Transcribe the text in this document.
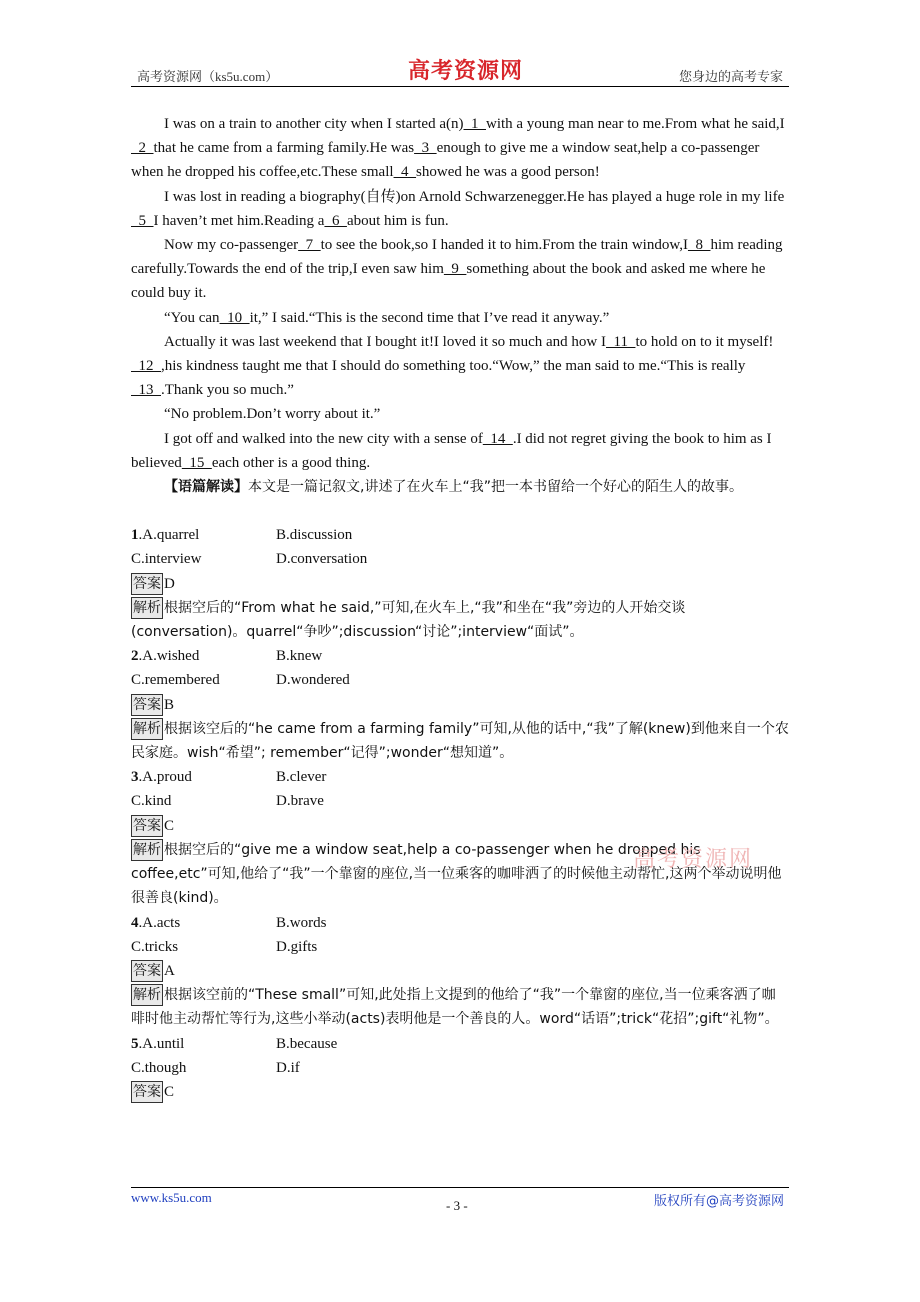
高考资源网（ks5u.com）	高考资源网	您身边的高考专家

I was on a train to another city when I started a(n)  1  with a young man near to me.From what he said,I  2  that he came from a farming family.He was  3  enough to give me a window seat,help a co-passenger when he dropped his coffee,etc.These small  4  showed he was a good person!

I was lost in reading a biography(自传)on Arnold Schwarzenegger.He has played a huge role in my life  5  I haven’t met him.Reading a  6  about him is fun.

Now my co-passenger  7  to see the book,so I handed it to him.From the train window,I  8  him reading carefully.Towards the end of the trip,I even saw him  9  something about the book and asked me where he could buy it.

“You can  10  it,” I said.“This is the second time that I’ve read it anyway.”

Actually it was last weekend that I bought it!I loved it so much and how I  11  to hold on to it myself!  12  ,his kindness taught me that I should do something too.“Wow,” the man said to me.“This is really  13  .Thank you so much.”

“No problem.Don’t worry about it.”

I got off and walked into the new city with a sense of  14  .I did not regret giving the book to him as I believed  15  each other is a good thing.

【语篇解读】本文是一篇记叙文,讲述了在火车上“我”把一本书留给一个好心的陌生人的故事。

1.A.quarrel	B.discussion
C.interview	D.conversation

答案 D

解析 根据空后的“From what he said,”可知,在火车上,“我”和坐在“我”旁边的人开始交谈(conversation)。quarrel“争吵”;discussion“讨论”;interview“面试”。

2.A.wished	B.knew
C.remembered	D.wondered

答案 B

解析 根据该空后的“he came from a farming family”可知,从他的话中,“我”了解(knew)到他来自一个农民家庭。wish“希望”; remember“记得”;wonder“想知道”。

3.A.proud	B.clever
C.kind	D.brave

答案 C

解析 根据空后的“give me a window seat,help a co-passenger when he dropped his coffee,etc”可知,他给了“我”一个靠窗的座位,当一位乘客的咖啡洒了的时候他主动帮忙,这两个举动说明他很善良(kind)。

4.A.acts	B.words
C.tricks	D.gifts

答案 A

解析 根据该空前的“These small”可知,此处指上文提到的他给了“我”一个靠窗的座位,当一位乘客洒了咖啡时他主动帮忙等行为,这些小举动(acts)表明他是一个善良的人。word“话语”;trick“花招”;gift“礼物”。

5.A.until	B.because
C.though	D.if

答案 C

高考资源网
www.ks5u.com
- 3 -	版权所有@高考资源网
